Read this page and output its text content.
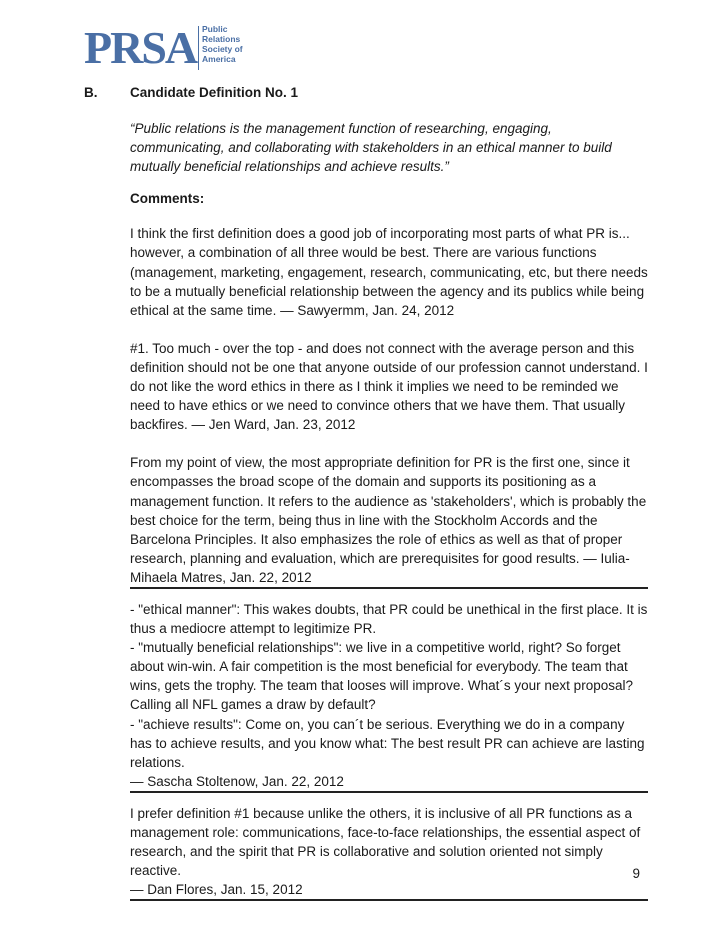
PRSA Public
Relations
Society of
America
B. Candidate Definition No. 1

“Public relations is the management function of researching, engaging, communicating, and collaborating with stakeholders in an ethical manner to build mutually beneficial relationships and achieve results.”

Comments:

I think the first definition does a good job of incorporating most parts of what PR is... however, a combination of all three would be best. There are various functions (management, marketing, engagement, research, communicating, etc, but there needs to be a mutually beneficial relationship between the agency and its publics while being ethical at the same time. — Sawyermm, Jan. 24, 2012

#1. Too much - over the top - and does not connect with the average person and this definition should not be one that anyone outside of our profession cannot understand. I do not like the word ethics in there as I think it implies we need to be reminded we need to have ethics or we need to convince others that we have them. That usually backfires. — Jen Ward, Jan. 23, 2012

From my point of view, the most appropriate definition for PR is the first one, since it encompasses the broad scope of the domain and supports its positioning as a management function. It refers to the audience as 'stakeholders', which is probably the best choice for the term, being thus in line with the Stockholm Accords and the Barcelona Principles. It also emphasizes the role of ethics as well as that of proper research, planning and evaluation, which are prerequisites for good results. — Iulia-Mihaela Matres, Jan. 22, 2012

- "ethical manner": This wakes doubts, that PR could be unethical in the first place. It is thus a mediocre attempt to legitimize PR.

- "mutually beneficial relationships": we live in a competitive world, right? So forget about win-win. A fair competition is the most beneficial for everybody. The team that wins, gets the trophy. The team that looses will improve. What´s your next proposal? Calling all NFL games a draw by default?

- "achieve results": Come on, you can´t be serious. Everything we do in a company has to achieve results, and you know what: The best result PR can achieve are lasting relations.

— Sascha Stoltenow, Jan. 22, 2012

I prefer definition #1 because unlike the others, it is inclusive of all PR functions as a management role: communications, face-to-face relationships, the essential aspect of research, and the spirit that PR is collaborative and solution oriented not simply reactive.

— Dan Flores, Jan. 15, 2012

9
